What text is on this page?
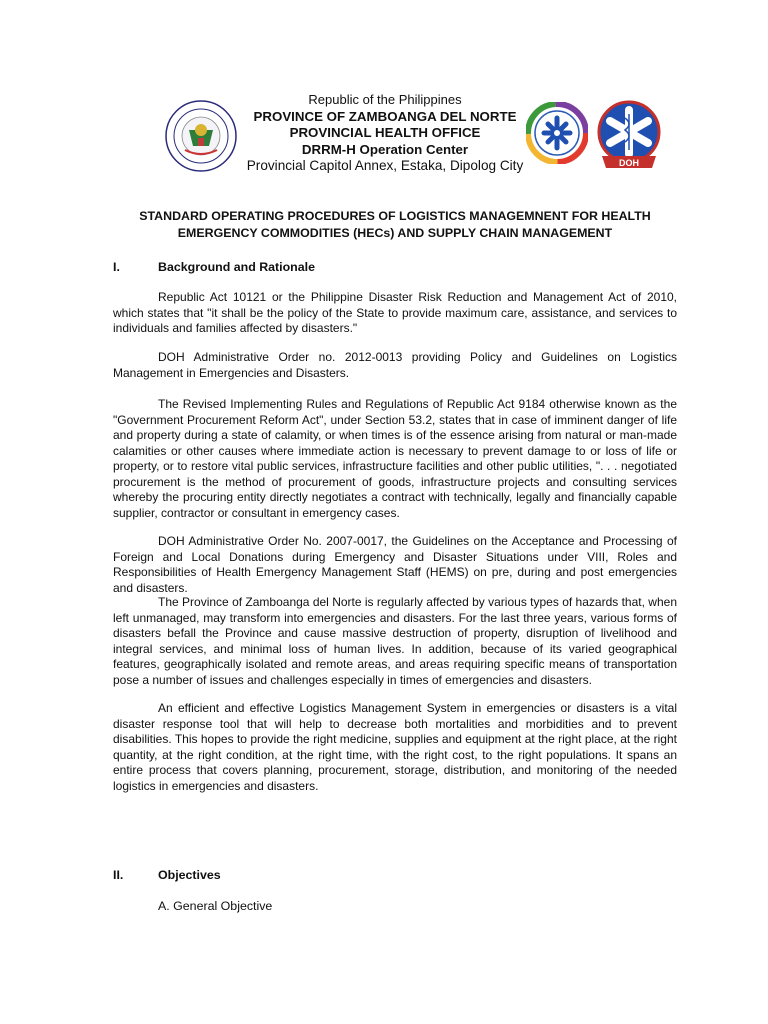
Republic of the Philippines
PROVINCE OF ZAMBOANGA DEL NORTE
PROVINCIAL HEALTH OFFICE
DRRM-H Operation Center
Provincial Capitol Annex, Estaka, Dipolog City	DOH
STANDARD OPERATING PROCEDURES OF LOGISTICS MANAGEMNENT FOR HEALTH
EMERGENCY COMMODITIES (HECs) AND SUPPLY CHAIN MANAGEMENT
I.	Background and Rationale

Republic Act 10121 or the Philippine Disaster Risk Reduction and Management Act of 2010, which states that "it shall be the policy of the State to provide maximum care, assistance, and services to individuals and families affected by disasters."

DOH Administrative Order no. 2012-0013 providing Policy and Guidelines on Logistics Management in Emergencies and Disasters.

The Revised Implementing Rules and Regulations of Republic Act 9184 otherwise known as the "Government Procurement Reform Act", under Section 53.2, states that in case of imminent danger of life and property during a state of calamity, or when times is of the essence arising from natural or man-made calamities or other causes where immediate action is necessary to prevent damage to or loss of life or property, or to restore vital public services, infrastructure facilities and other public utilities, ". . . negotiated procurement is the method of procurement of goods, infrastructure projects and consulting services whereby the procuring entity directly negotiates a contract with technically, legally and financially capable supplier, contractor or consultant in emergency cases.

DOH Administrative Order No. 2007-0017, the Guidelines on the Acceptance and Processing of Foreign and Local Donations during Emergency and Disaster Situations under VIII, Roles and Responsibilities of Health Emergency Management Staff (HEMS) on pre, during and post emergencies and disasters.

The Province of Zamboanga del Norte is regularly affected by various types of hazards that, when left unmanaged, may transform into emergencies and disasters. For the last three years, various forms of disasters befall the Province and cause massive destruction of property, disruption of livelihood and integral services, and minimal loss of human lives. In addition, because of its varied geographical features, geographically isolated and remote areas, and areas requiring specific means of transportation pose a number of issues and challenges especially in times of emergencies and disasters.

An efficient and effective Logistics Management System in emergencies or disasters is a vital disaster response tool that will help to decrease both mortalities and morbidities and to prevent disabilities. This hopes to provide the right medicine, supplies and equipment at the right place, at the right quantity, at the right condition, at the right time, with the right cost, to the right populations. It spans an entire process that covers planning, procurement, storage, distribution, and monitoring of the needed logistics in emergencies and disasters.

II.	Objectives
A. General Objective
